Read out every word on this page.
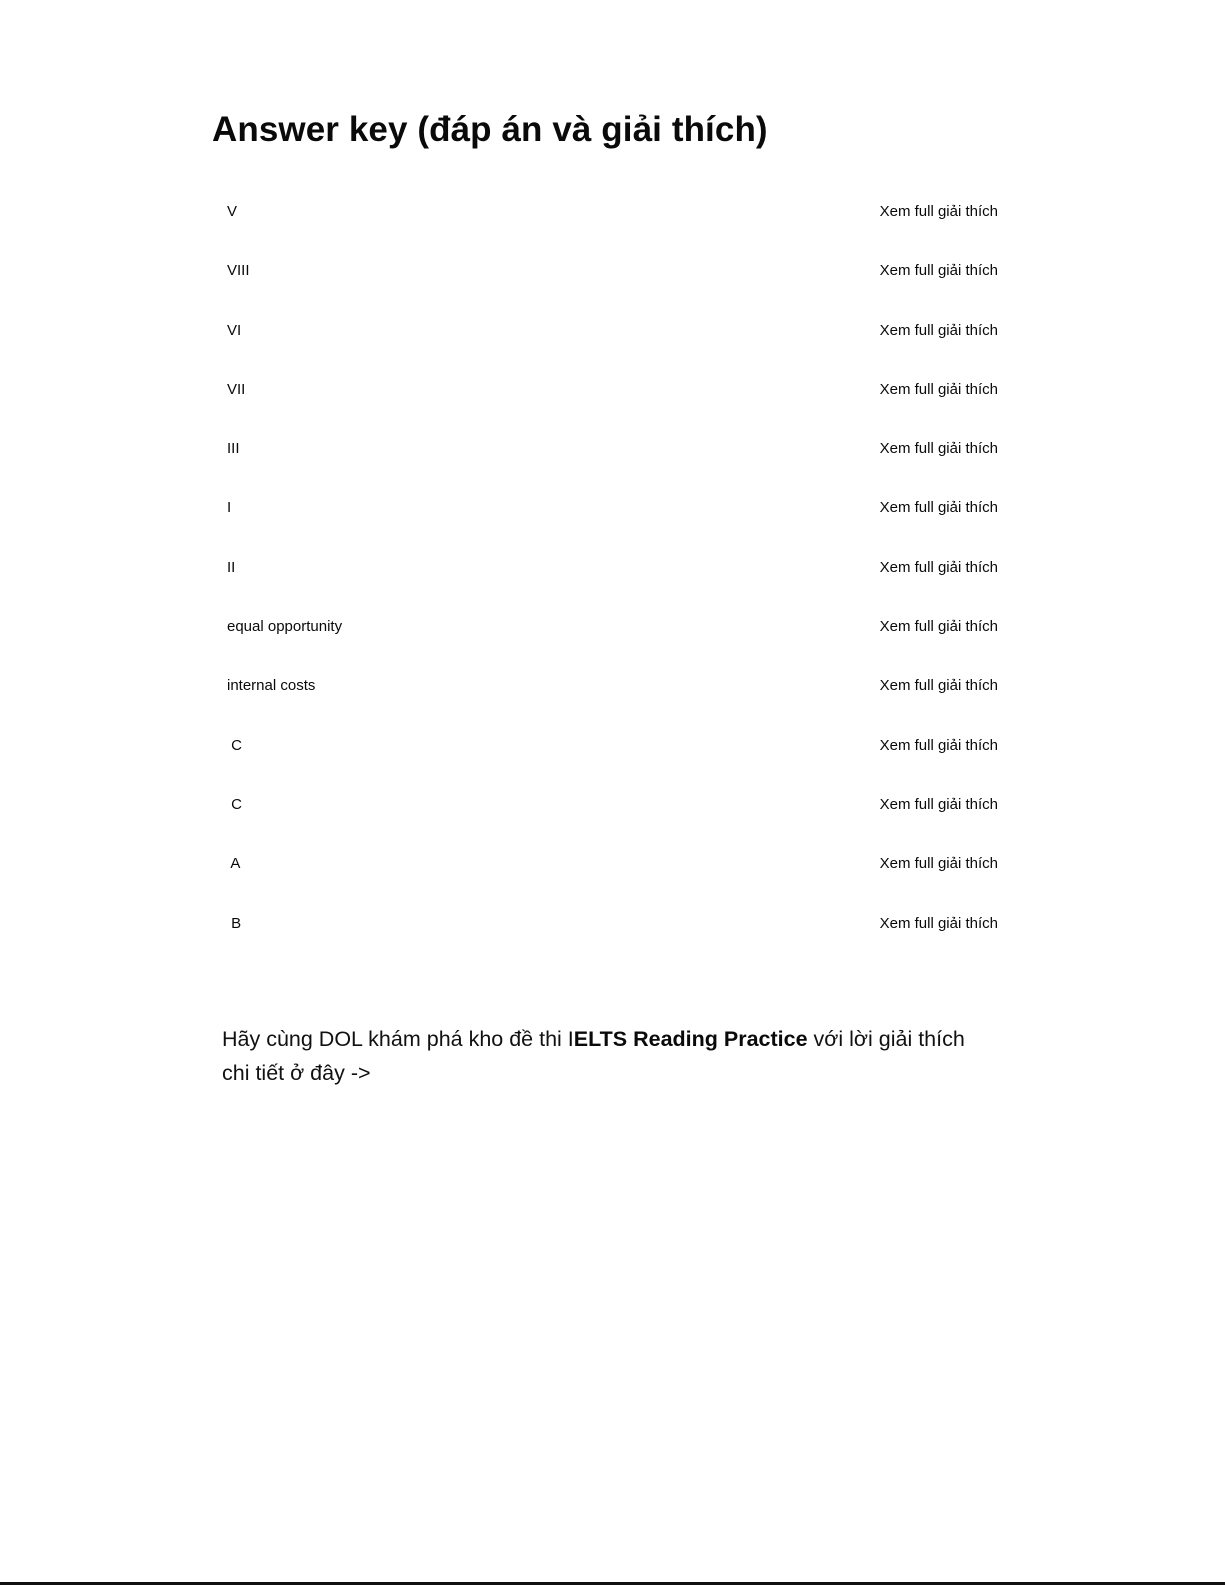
Answer key (đáp án và giải thích)
V	Xem full giải thích
VIII	Xem full giải thích
VI	Xem full giải thích
VII	Xem full giải thích
III	Xem full giải thích
I	Xem full giải thích
II	Xem full giải thích
equal opportunity	Xem full giải thích
internal costs	Xem full giải thích
C	Xem full giải thích
C	Xem full giải thích
A	Xem full giải thích
B	Xem full giải thích

Hãy cùng DOL khám phá kho đề thi IELTS Reading Practice với lời giải thích chi tiết ở đây ->
